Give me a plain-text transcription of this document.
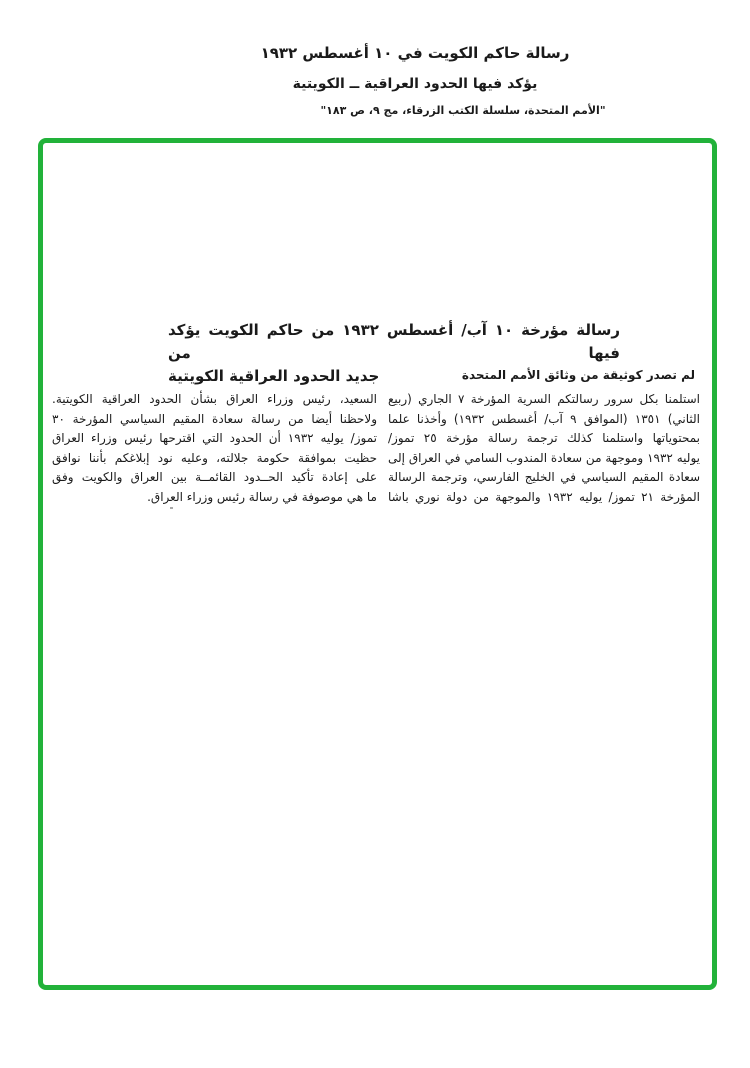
رسالة حاكم الكويت في ١٠ أغسطس ١٩٣٢
يؤكد فيها الحدود العراقية ــ الكويتية
"الأمم المتحدة، سلسلة الكتب الزرقاء، مج ٩، ص ١٨٣"
رسالة مؤرخة ١٠ آب/ أغسطس ١٩٣٢ من حاكم الكويت يؤكد فيها من
جديد الحدود العراقية الكويتية	لم تصدر كوثيقة من وثائق الأمم المتحدة
استلمنا بكل سرور رسالتكم السرية المؤرخة ٧ الجاري (ربيع
الثاني) ١٣٥١ (الموافق ٩ آب/ أغسطس ١٩٣٢) وأخذنا علما
بمحتوياتها واستلمنا كذلك ترجمة رسالة مؤرخة ٢٥ تموز/
يوليه ١٩٣٢ وموجهة من سعادة المندوب السامي في العراق إلى
سعادة المقيم السياسي في الخليج الفارسي، وترجمة الرسالة
المؤرخة ٢١ تموز/ يوليه ١٩٣٢ والموجهة من دولة نوري باشا
السعيد، رئيس وزراء العراق بشأن الحدود العراقية الكويتية.
ولاحظنا أيضا من رسالة سعادة المقيم السياسي المؤرخة ٣٠
تموز/ يوليه ١٩٣٢ أن الحدود التي اقترحها رئيس وزراء العراق
حظيت بموافقة حكومة جلالته، وعليه نود إبلاغكم بأننا نوافق
على إعادة تأكيد الحــدود القائمــة بين العراق والكويت وفق
ما هي موصوفة في رسالة رئيس وزراء العراق.
